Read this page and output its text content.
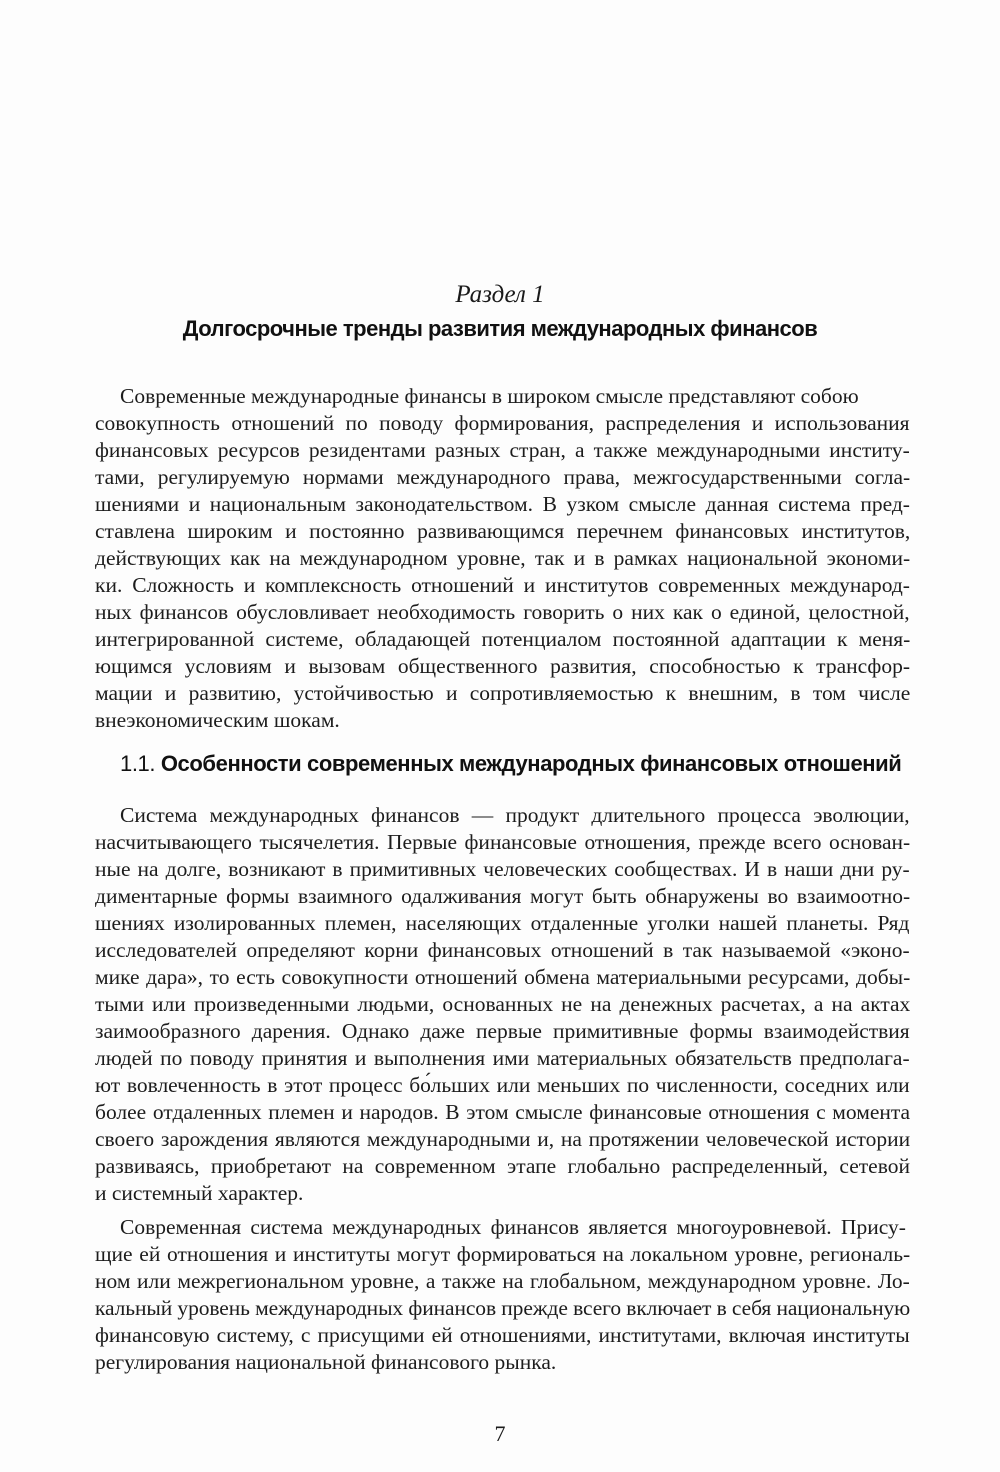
Раздел 1
Долгосрочные тренды развития международных финансов
Современные международные финансы в широком смысле представляют собою
совокупность отношений по поводу формирования, распределения и использования
финансовых ресурсов резидентами разных стран, а также международными институ-
тами, регулируемую нормами международного права, межгосударственными согла-
шениями и национальным законодательством. В узком смысле данная система пред-
ставлена широким и постоянно развивающимся перечнем финансовых институтов,
действующих как на международном уровне, так и в рамках национальной экономи-
ки. Сложность и комплексность отношений и институтов современных международ-
ных финансов обусловливает необходимость говорить о них как о единой, целостной,
интегрированной системе, обладающей потенциалом постоянной адаптации к меня-
ющимся условиям и вызовам общественного развития, способностью к трансфор-
мации и развитию, устойчивостью и сопротивляемостью к внешним, в том числе
внеэкономическим шокам.
1.1. Особенности современных международных финансовых отношений
Система международных финансов — продукт длительного процесса эволюции,
насчитывающего тысячелетия. Первые финансовые отношения, прежде всего основан-
ные на долге, возникают в примитивных человеческих сообществах. И в наши дни ру-
диментарные формы взаимного одалживания могут быть обнаружены во взаимоотно-
шениях изолированных племен, населяющих отдаленные уголки нашей планеты. Ряд
исследователей определяют корни финансовых отношений в так называемой «эконо-
мике дара», то есть совокупности отношений обмена материальными ресурсами, добы-
тыми или произведенными людьми, основанных не на денежных расчетах, а на актах
заимообразного дарения. Однако даже первые примитивные формы взаимодействия
людей по поводу принятия и выполнения ими материальных обязательств предполага-
ют вовлеченность в этот процесс бо́льших или меньших по численности, соседних или
более отдаленных племен и народов. В этом смысле финансовые отношения с момента
своего зарождения являются международными и, на протяжении человеческой истории
развиваясь, приобретают на современном этапе глобально распределенный, сетевой
и системный характер.
Современная система международных финансов является многоуровневой. Прису-
щие ей отношения и институты могут формироваться на локальном уровне, региональ-
ном или межрегиональном уровне, а также на глобальном, международном уровне. Ло-
кальный уровень международных финансов прежде всего включает в себя национальную
финансовую систему, с присущими ей отношениями, институтами, включая институты
регулирования национальной финансового рынка.
7
